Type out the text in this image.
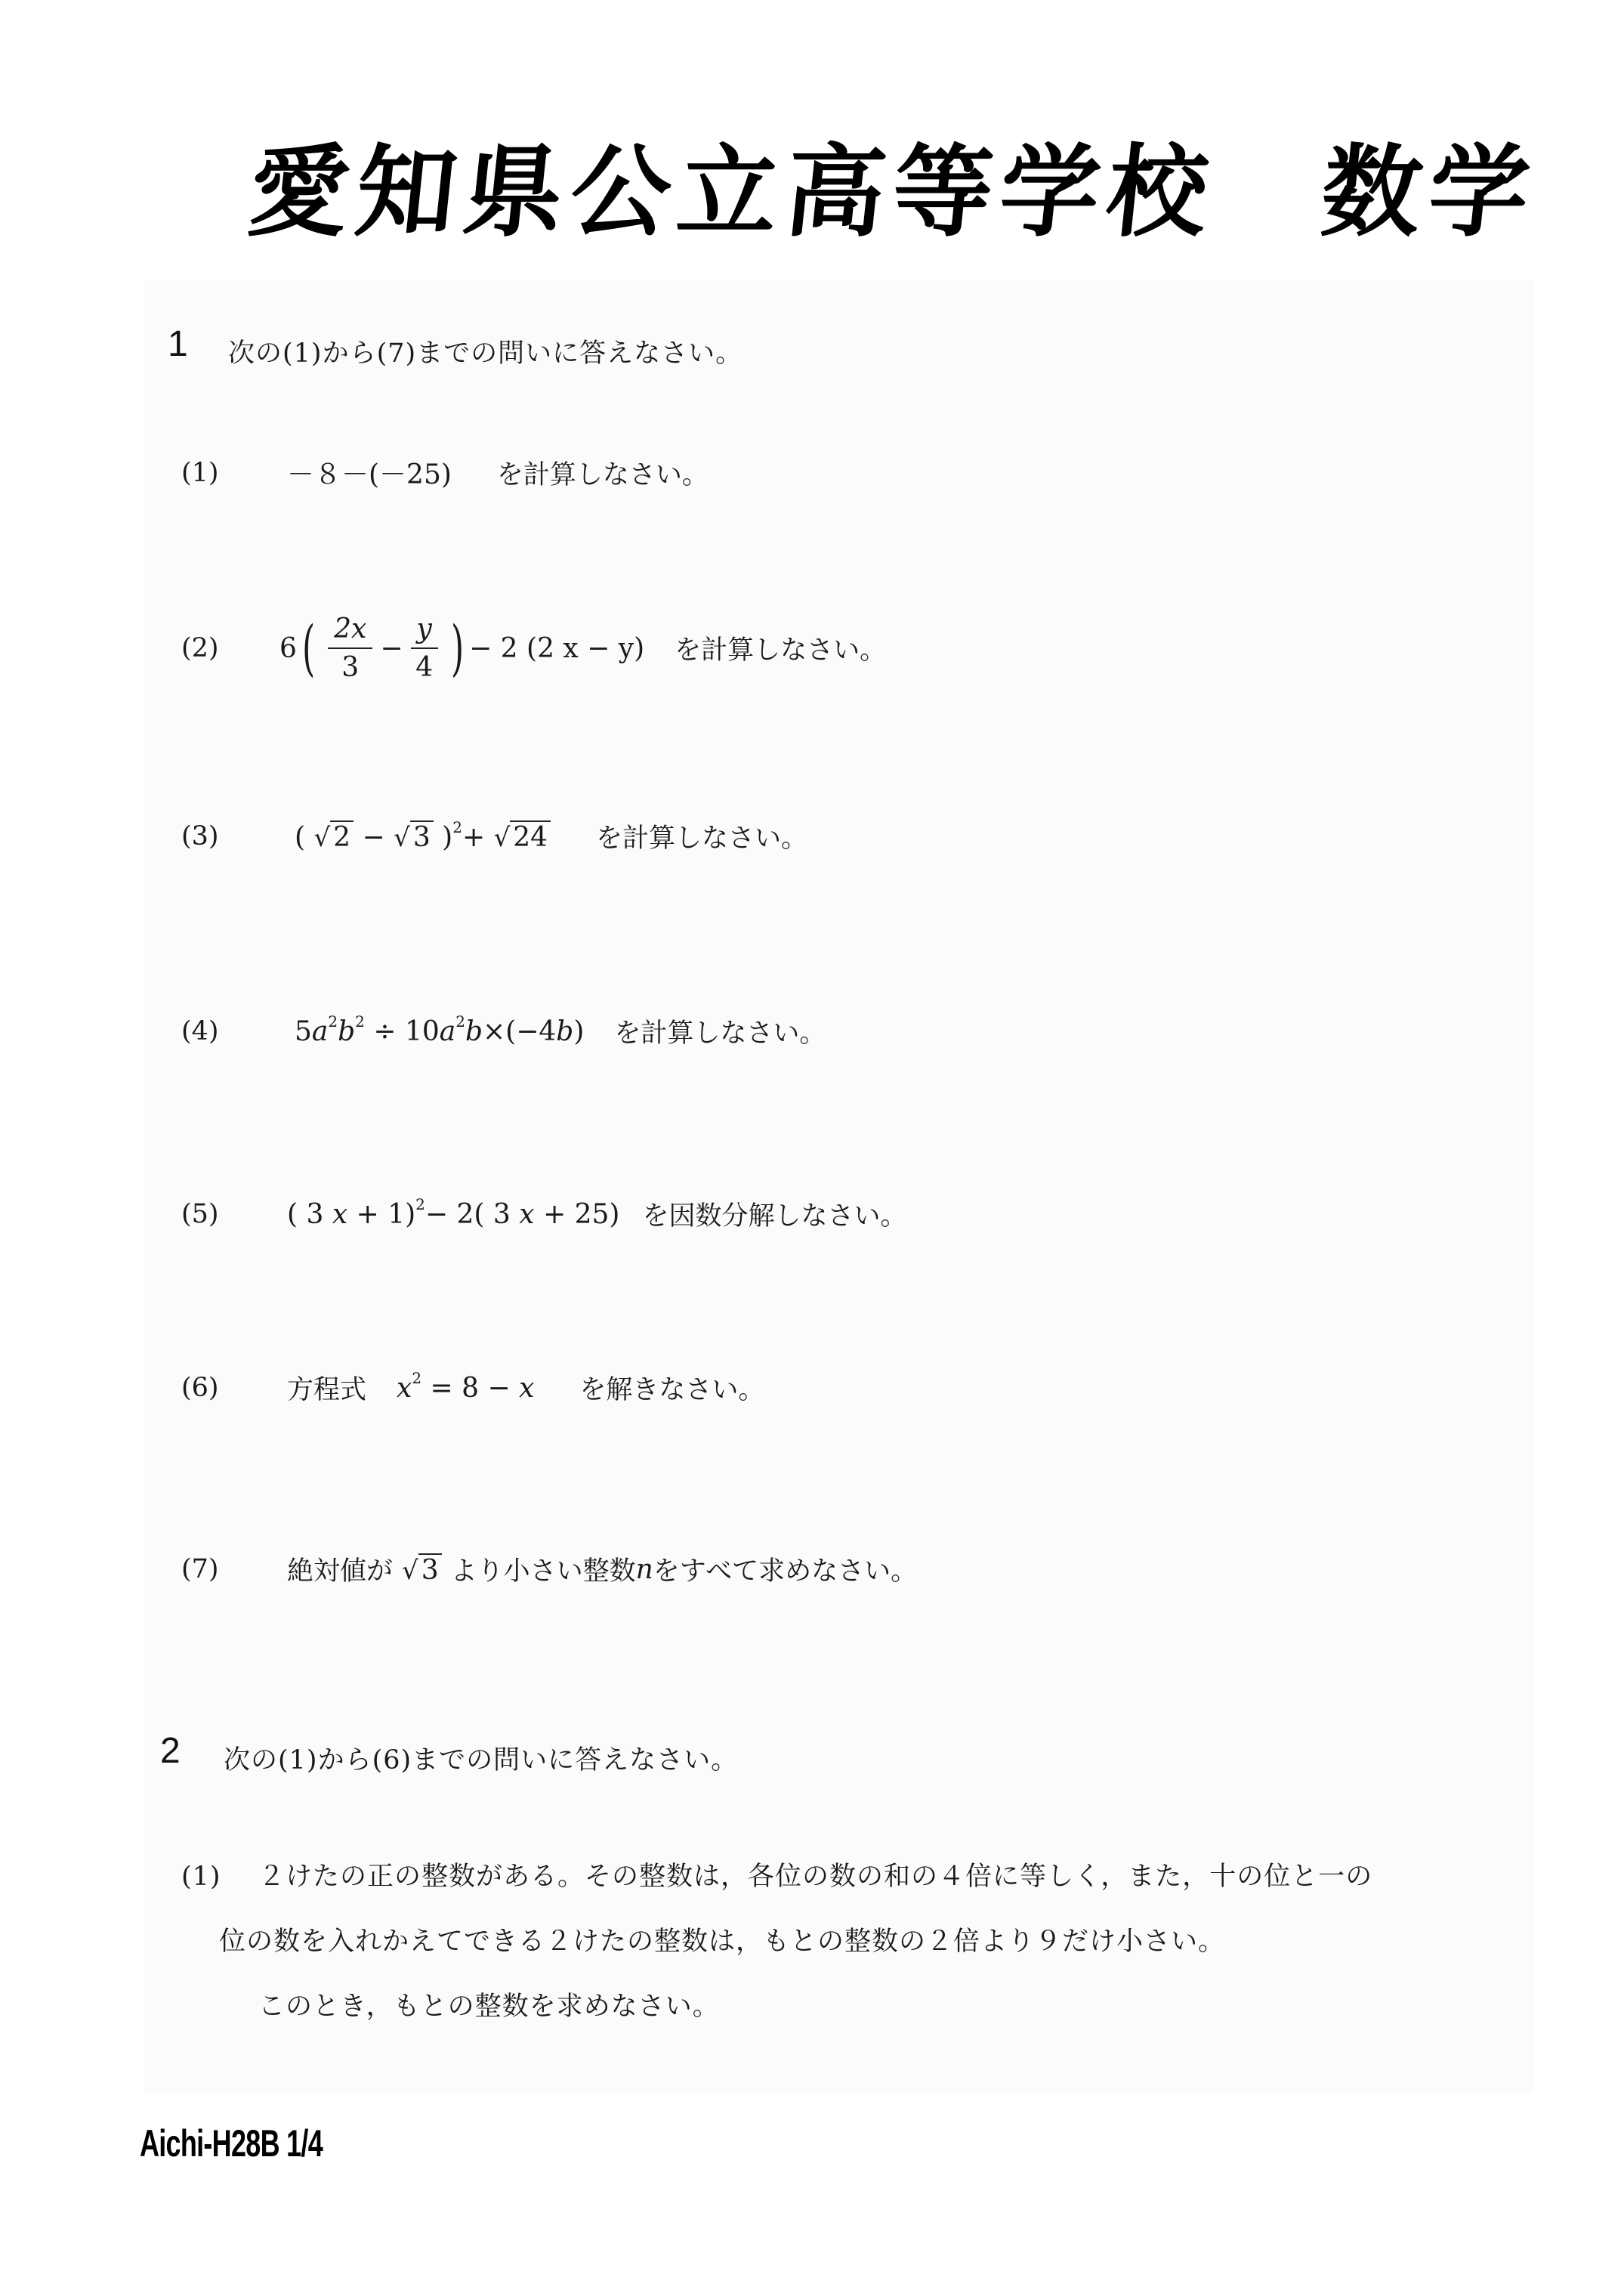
愛知県公立高等学校　数学
1 次の(1)から(7)までの問いに答えなさい。
(1)	－８－(－25) を計算しなさい。
(2)	6 ( $\frac{2x}{3} - \frac{y}{4}$ ) − 2 (2 x − y) を計算しなさい。
(3)	( √ 2 − √ 3 )$^2$+ √ 24 を計算しなさい。
(4)	$5a^2b^2 \div 10a^2b\times(-4b)$ を計算しなさい。
(5)	( 3 x + 1)$^2$− 2( 3 x + 25) を因数分解しなさい。
(6)	方程式 $x^2 = 8 - x$ を解きなさい。
(7)	絶対値が √ 3 より小さい整数 n をすべて求めなさい。
2 次の(1)から(6)までの問いに答えなさい。
(1) ２けたの正の整数がある。その整数は，各位の数の和の４倍に等しく，また，十の位と一の
位の数を入れかえてできる２けたの整数は，もとの整数の２倍より９だけ小さい。
このとき，もとの整数を求めなさい。
Aichi-H28B 1/4
